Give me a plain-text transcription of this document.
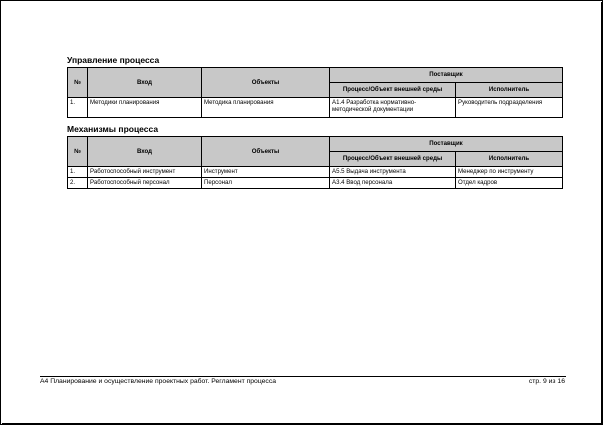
Управление процесса
№	Вход	Объекты	Поставщик	
			Процесс/Объект внешней среды	Исполнитель
1.	Методики планирования	Методика планирования	А1.4 Разработка нормативно-методической документации	Руководитель подразделения
Механизмы процесса
№	Вход	Объекты	Поставщик	
			Процесс/Объект внешней среды	Исполнитель
1.	Работоспособный инструмент	Инструмент	А5.5 Выдача инструмента	Менеджер по инструменту
2.	Работоспособный персонал	Персонал	А3.4 Ввод персонала	Отдел кадров
А4 Планирование и осуществление проектных работ. Регламент процесса	стр. 9 из 16
